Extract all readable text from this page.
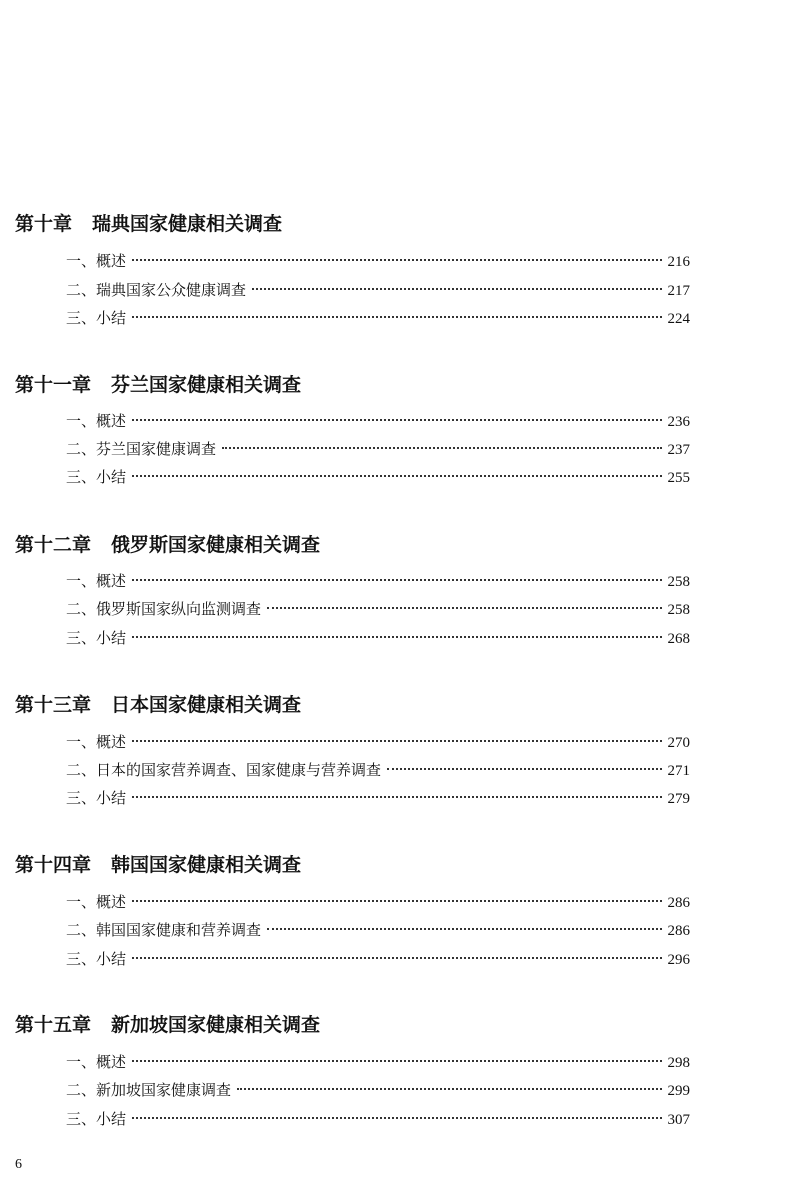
第十章 瑞典国家健康相关调查
一、概述	216
二、瑞典国家公众健康调查	217
三、小结	224
第十一章 芬兰国家健康相关调查
一、概述	236
二、芬兰国家健康调查	237
三、小结	255
第十二章 俄罗斯国家健康相关调查
一、概述	258
二、俄罗斯国家纵向监测调查	258
三、小结	268
第十三章 日本国家健康相关调查
一、概述	270
二、日本的国家营养调查、国家健康与营养调查	271
三、小结	279
第十四章 韩国国家健康相关调查
一、概述	286
二、韩国国家健康和营养调查	286
三、小结	296
第十五章 新加坡国家健康相关调查
一、概述	298
二、新加坡国家健康调查	299
三、小结	307
6
